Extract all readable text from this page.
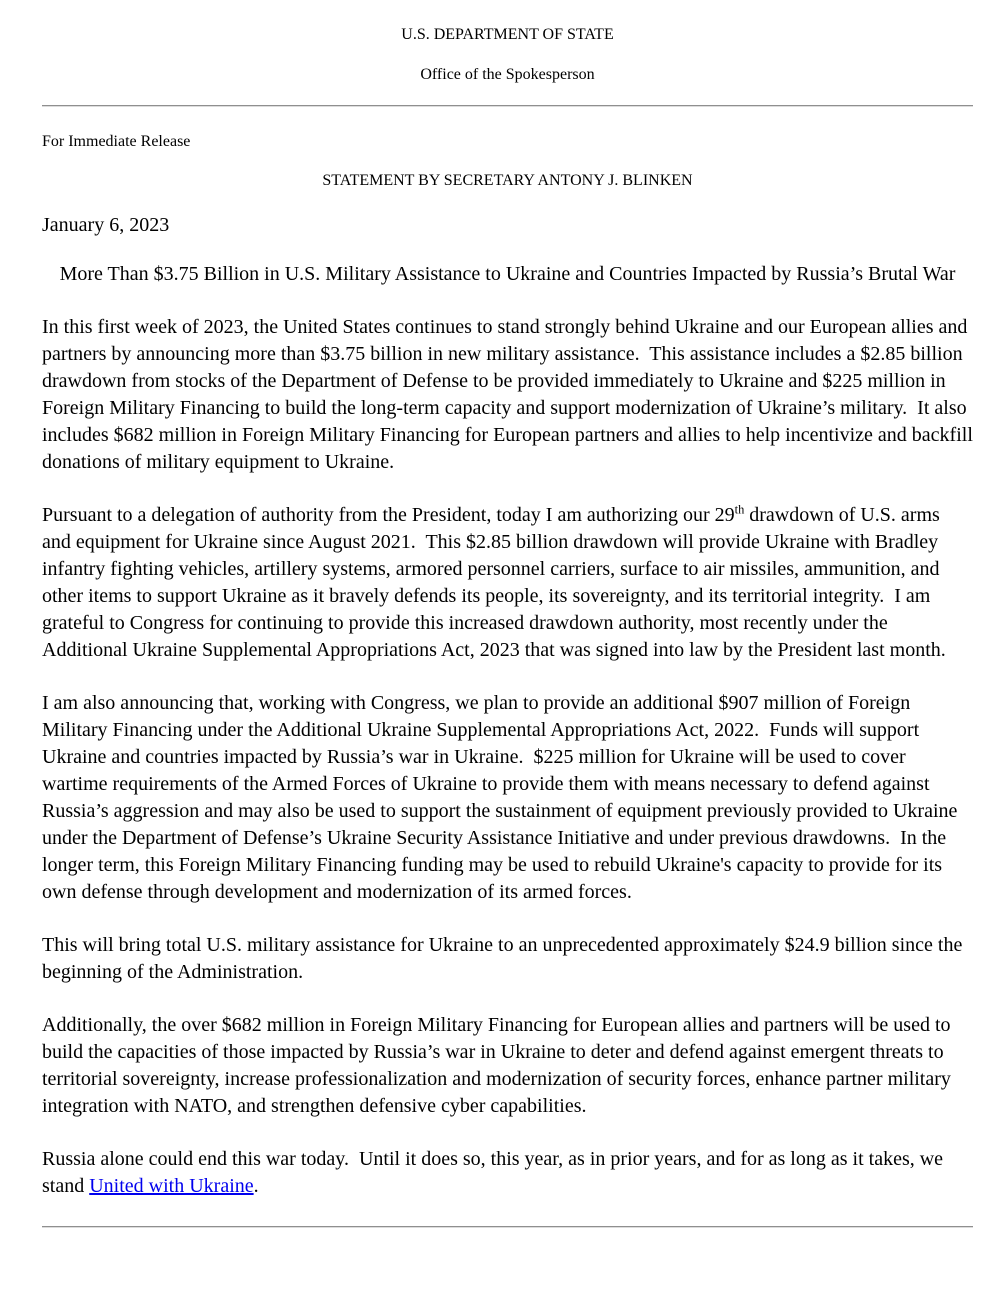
U.S. DEPARTMENT OF STATE
Office of the Spokesperson
For Immediate Release
STATEMENT BY SECRETARY ANTONY J. BLINKEN
January 6, 2023
More Than $3.75 Billion in U.S. Military Assistance to Ukraine and Countries Impacted by Russia’s Brutal War

In this first week of 2023, the United States continues to stand strongly behind Ukraine and our European allies and partners by announcing more than $3.75 billion in new military assistance.  This assistance includes a $2.85 billion drawdown from stocks of the Department of Defense to be provided immediately to Ukraine and $225 million in Foreign Military Financing to build the long-term capacity and support modernization of Ukraine’s military.  It also includes $682 million in Foreign Military Financing for European partners and allies to help incentivize and backfill donations of military equipment to Ukraine.

Pursuant to a delegation of authority from the President, today I am authorizing our 29th drawdown of U.S. arms and equipment for Ukraine since August 2021.  This $2.85 billion drawdown will provide Ukraine with Bradley infantry fighting vehicles, artillery systems, armored personnel carriers, surface to air missiles, ammunition, and other items to support Ukraine as it bravely defends its people, its sovereignty, and its territorial integrity.  I am grateful to Congress for continuing to provide this increased drawdown authority, most recently under the Additional Ukraine Supplemental Appropriations Act, 2023 that was signed into law by the President last month.

I am also announcing that, working with Congress, we plan to provide an additional $907 million of Foreign Military Financing under the Additional Ukraine Supplemental Appropriations Act, 2022.  Funds will support Ukraine and countries impacted by Russia’s war in Ukraine.  $225 million for Ukraine will be used to cover wartime requirements of the Armed Forces of Ukraine to provide them with means necessary to defend against Russia’s aggression and may also be used to support the sustainment of equipment previously provided to Ukraine under the Department of Defense’s Ukraine Security Assistance Initiative and under previous drawdowns.  In the longer term, this Foreign Military Financing funding may be used to rebuild Ukraine's capacity to provide for its own defense through development and modernization of its armed forces.

This will bring total U.S. military assistance for Ukraine to an unprecedented approximately $24.9 billion since the beginning of the Administration.

Additionally, the over $682 million in Foreign Military Financing for European allies and partners will be used to build the capacities of those impacted by Russia’s war in Ukraine to deter and defend against emergent threats to territorial sovereignty, increase professionalization and modernization of security forces, enhance partner military integration with NATO, and strengthen defensive cyber capabilities.

Russia alone could end this war today.  Until it does so, this year, as in prior years, and for as long as it takes, we stand United with Ukraine.
